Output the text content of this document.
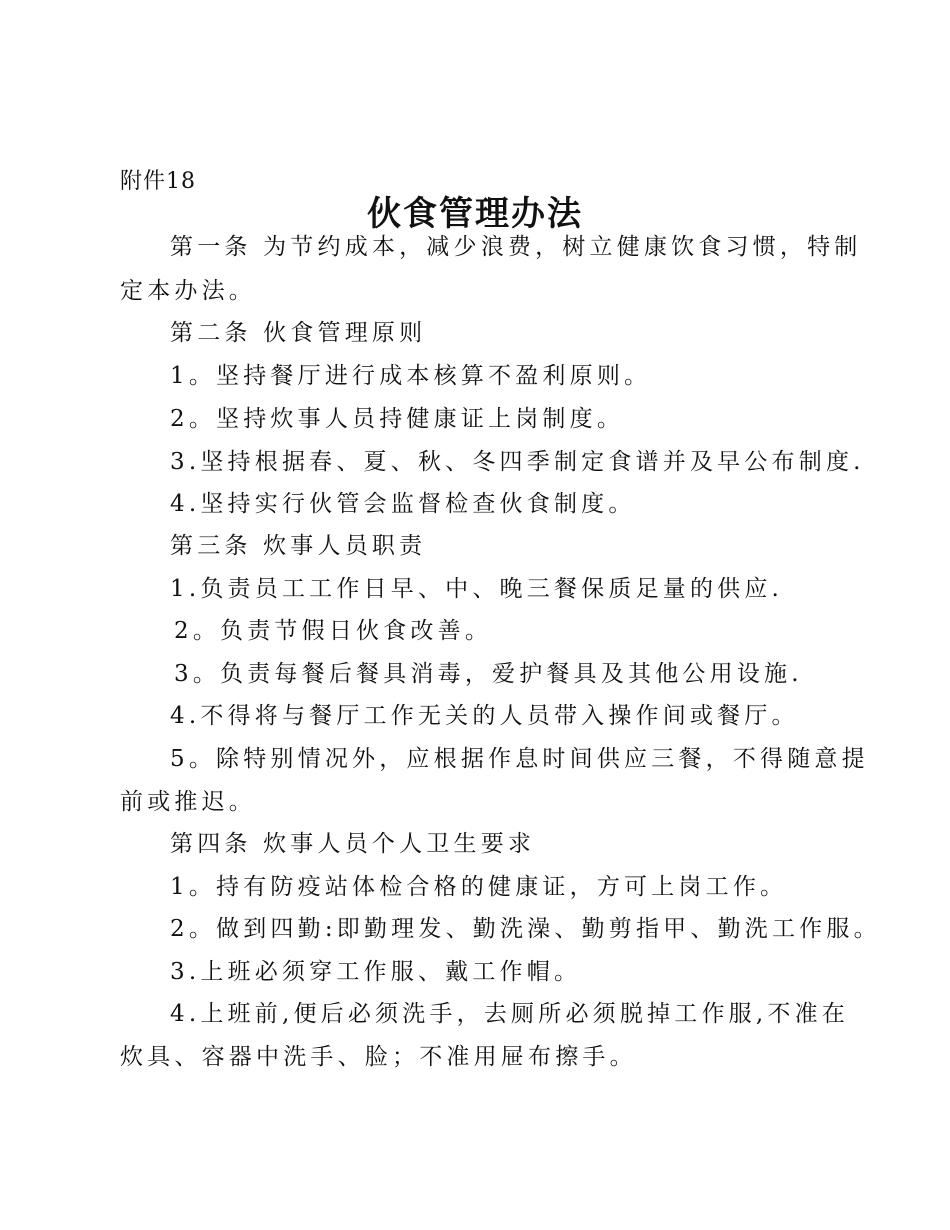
附件18
伙食管理办法
第一条 为节约成本，减少浪费，树立健康饮食习惯，特制
定本办法。
第二条 伙食管理原则
1。坚持餐厅进行成本核算不盈利原则。
2。坚持炊事人员持健康证上岗制度。
3.坚持根据春、夏、秋、冬四季制定食谱并及早公布制度.
4.坚持实行伙管会监督检查伙食制度。
第三条 炊事人员职责
1.负责员工工作日早、中、晚三餐保质足量的供应.
2。负责节假日伙食改善。
3。负责每餐后餐具消毒，爱护餐具及其他公用设施.
4.不得将与餐厅工作无关的人员带入操作间或餐厅。
5。除特别情况外，应根据作息时间供应三餐，不得随意提
前或推迟。
第四条 炊事人员个人卫生要求
1。持有防疫站体检合格的健康证，方可上岗工作。
2。做到四勤:即勤理发、勤洗澡、勤剪指甲、勤洗工作服。
3.上班必须穿工作服、戴工作帽。
4.上班前,便后必须洗手，去厕所必须脱掉工作服,不准在
炊具、容器中洗手、脸；不准用屉布擦手。
